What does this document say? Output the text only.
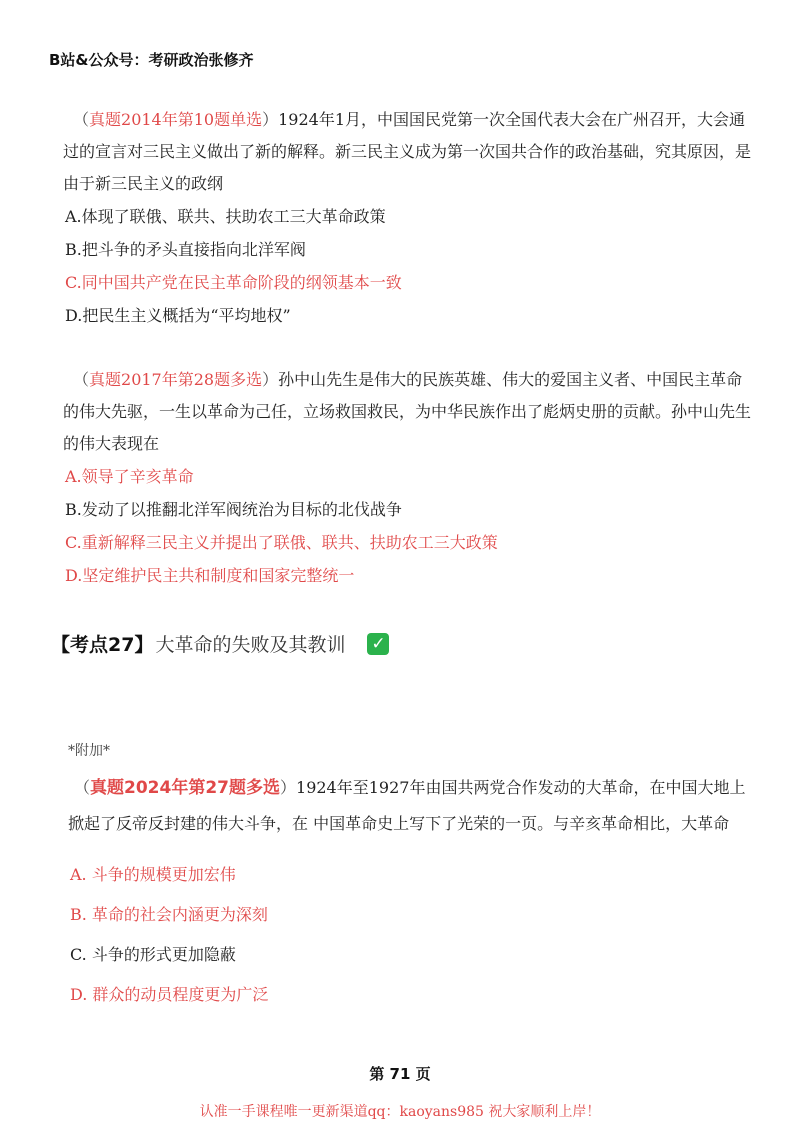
B站&公众号：考研政治张修齐

（真题2014年第10题单选）1924年1月，中国国民党第一次全国代表大会在广州召开，大会通过的宣言对三民主义做出了新的解释。新三民主义成为第一次国共合作的政治基础，究其原因，是由于新三民主义的政纲

A.体现了联俄、联共、扶助农工三大革命政策

B.把斗争的矛头直接指向北洋军阀

C.同中国共产党在民主革命阶段的纲领基本一致

D.把民生主义概括为“平均地权”

（真题2017年第28题多选）孙中山先生是伟大的民族英雄、伟大的爱国主义者、中国民主革命的伟大先驱，一生以革命为己任，立场救国救民，为中华民族作出了彪炳史册的贡献。孙中山先生的伟大表现在

A.领导了辛亥革命

B.发动了以推翻北洋军阀统治为目标的北伐战争

C.重新解释三民主义并提出了联俄、联共、扶助农工三大政策

D.坚定维护民主共和制度和国家完整统一

【考点27】 大革命的失败及其教训 ✓
*附加*

（真题2024年第27题多选）1924年至1927年由国共两党合作发动的大革命，在中国大地上掀起了反帝反封建的伟大斗争，在 中国革命史上写下了光荣的一页。与辛亥革命相比，大革命

A. 斗争的规模更加宏伟

B. 革命的社会内涵更为深刻

C. 斗争的形式更加隐蔽

D. 群众的动员程度更为广泛

第 71 页
认准一手课程唯一更新渠道qq：kaoyans985 祝大家顺利上岸！
